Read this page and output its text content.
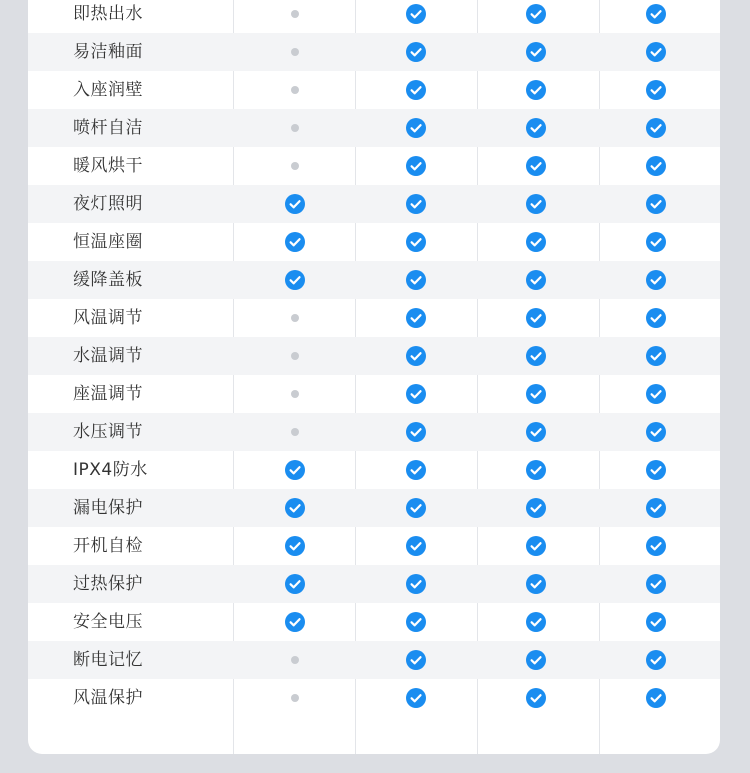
即热出水
易洁釉面
入座润壁
喷杆自洁
暖风烘干
夜灯照明
恒温座圈
缓降盖板
风温调节
水温调节
座温调节
水压调节
IPX4防水
漏电保护
开机自检
过热保护
安全电压
断电记忆
风温保护
